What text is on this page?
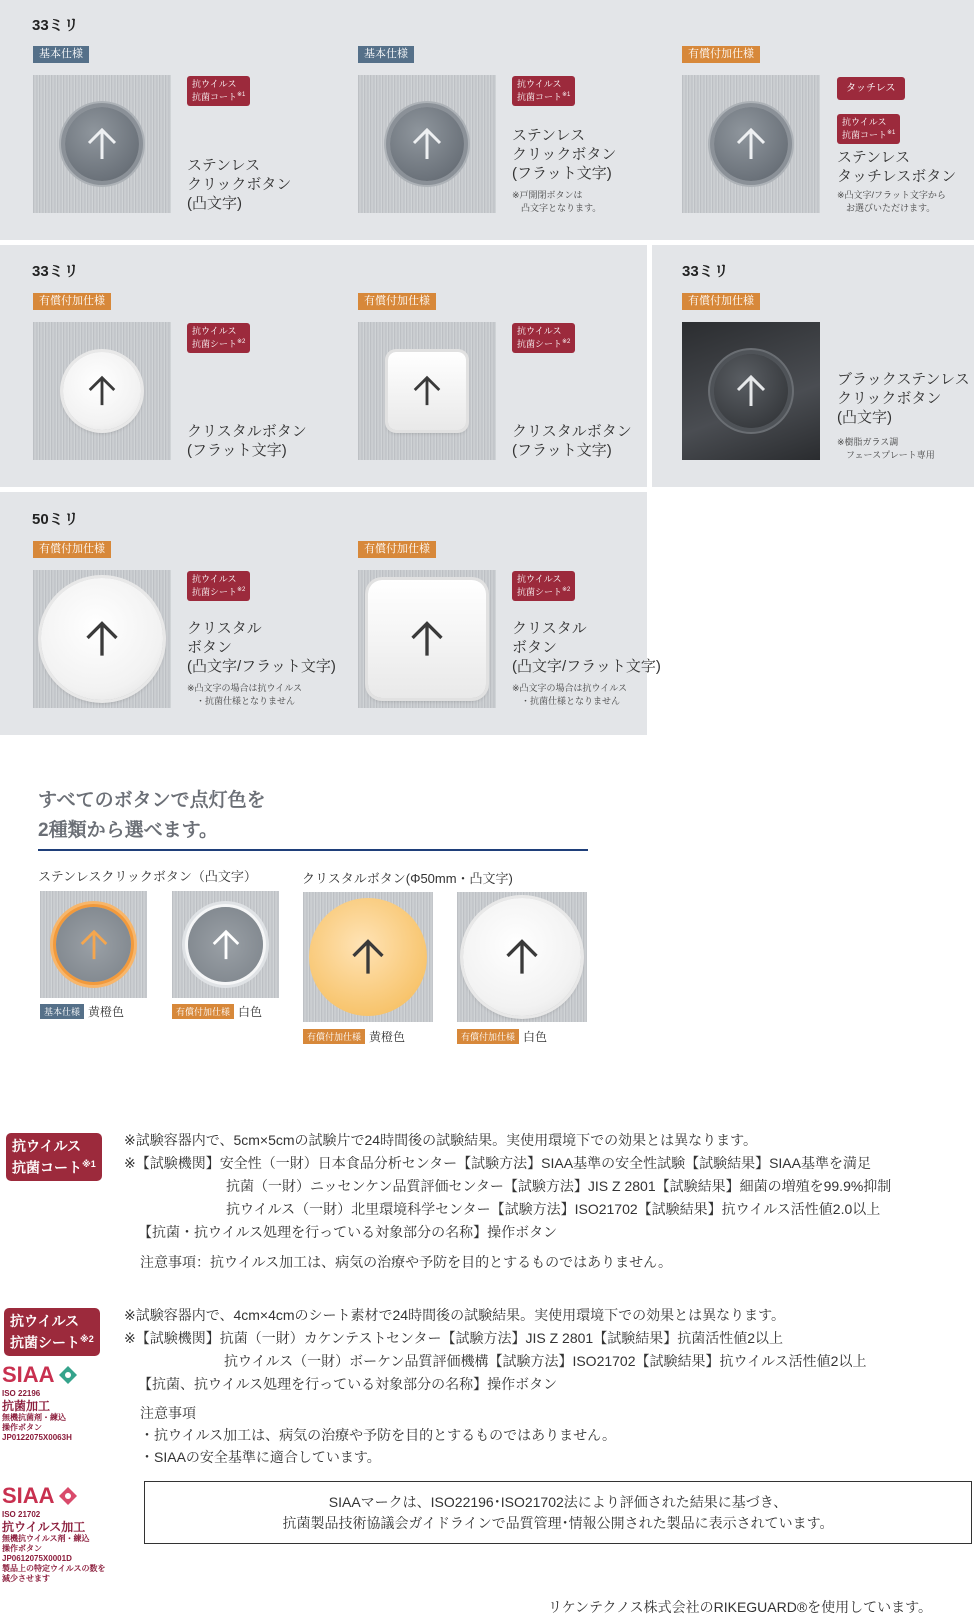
33ミリ
基本仕様
抗ウイルス
抗菌コート$^{※1}$
ステンレス
クリックボタン
(凸文字)
基本仕様
抗ウイルス
抗菌コート$^{※1}$
ステンレス
クリックボタン
(フラット文字)
※戸開閉ボタンは
　凸文字となります。
有償付加仕様
タッチレス
抗ウイルス
抗菌コート$^{※1}$
ステンレス
タッチレスボタン
※凸文字/フラット文字から
　お選びいただけます。
33ミリ
有償付加仕様
抗ウイルス
抗菌シート$^{※2}$
クリスタルボタン
(フラット文字)
有償付加仕様
抗ウイルス
抗菌シート$^{※2}$
クリスタルボタン
(フラット文字)
33ミリ
有償付加仕様
ブラックステンレス
クリックボタン
(凸文字)
※樹脂ガラス調
　フェースプレート専用
50ミリ
有償付加仕様
抗ウイルス
抗菌シート$^{※2}$
クリスタル
ボタン
(凸文字/フラット文字)
※凸文字の場合は抗ウイルス
　・抗菌仕様となりません
有償付加仕様
抗ウイルス
抗菌シート$^{※2}$
クリスタル
ボタン
(凸文字/フラット文字)
※凸文字の場合は抗ウイルス
　・抗菌仕様となりません
すべてのボタンで点灯色を
2種類から選べます。
ステンレスクリックボタン（凸文字）	クリスタルボタン(Φ50mm・凸文字)
基本仕様 黄橙色	有償付加仕様 白色
有償付加仕様 黄橙色	有償付加仕様 白色
抗ウイルス
抗菌コート$^{※1}$
※試験容器内で、5cm×5cmの試験片で24時間後の試験結果。実使用環境下での効果とは異なります。
※【試験機関】安全性（一財）日本食品分析センター【試験方法】SIAA基準の安全性試験【試験結果】SIAA基準を満足
抗菌（一財）ニッセンケン品質評価センター【試験方法】JIS Z 2801【試験結果】細菌の増殖を99.9%抑制
抗ウイルス（一財）北里環境科学センター【試験方法】ISO21702【試験結果】抗ウイルス活性値2.0以上
【抗菌・抗ウイルス処理を行っている対象部分の名称】操作ボタン
注意事項：抗ウイルス加工は、病気の治療や予防を目的とするものではありません。
抗ウイルス
抗菌シート$^{※2}$
※試験容器内で、4cm×4cmのシート素材で24時間後の試験結果。実使用環境下での効果とは異なります。
※【試験機関】抗菌（一財）カケンテストセンター【試験方法】JIS Z 2801【試験結果】抗菌活性値2以上
抗ウイルス（一財）ボーケン品質評価機構【試験方法】ISO21702【試験結果】抗ウイルス活性値2以上
【抗菌、抗ウイルス処理を行っている対象部分の名称】操作ボタン
注意事項
・抗ウイルス加工は、病気の治療や予防を目的とするものではありません。
・SIAAの安全基準に適合しています。
SIAA
ISO 22196
抗菌加工
無機抗菌剤・練込
操作ボタン
JP0122075X0063H
SIAA
ISO 21702
抗ウイルス加工
無機抗ウイルス剤・練込
操作ボタン
JP0612075X0001D
製品上の特定ウイルスの数を
減少させます
SIAAマークは、ISO22196･ISO21702法により評価された結果に基づき、
抗菌製品技術協議会ガイドラインで品質管理･情報公開された製品に表示されています。
リケンテクノス株式会社のRIKEGUARD®を使用しています。
